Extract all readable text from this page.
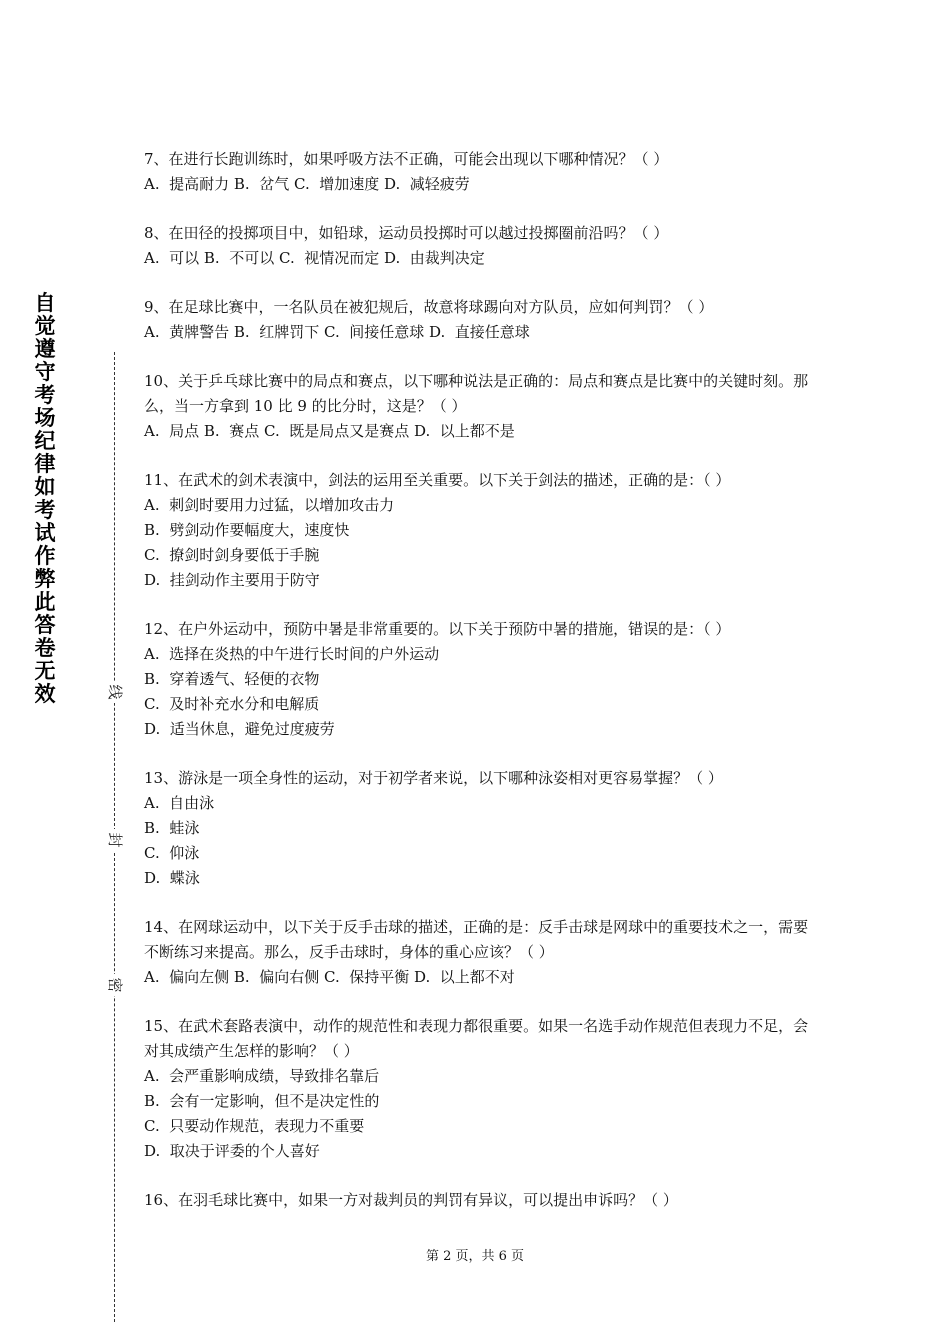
自觉遵守考场纪律如考试作弊此答卷无效	线
封
密
7、在进行长跑训练时，如果呼吸方法不正确，可能会出现以下哪种情况？（ ）
A.  提高耐力 B.  岔气 C.  增加速度 D.  减轻疲劳
8、在田径的投掷项目中，如铅球，运动员投掷时可以越过投掷圈前沿吗？（ ）
A.  可以 B.  不可以 C.  视情况而定 D.  由裁判决定
9、在足球比赛中，一名队员在被犯规后，故意将球踢向对方队员，应如何判罚？（ ）
A.  黄牌警告 B.  红牌罚下 C.  间接任意球 D.  直接任意球
10、关于乒乓球比赛中的局点和赛点，以下哪种说法是正确的：局点和赛点是比赛中的关键时刻。那么，当一方拿到 10 比 9 的比分时，这是？（ ）
A.  局点 B.  赛点 C.  既是局点又是赛点 D.  以上都不是
11、在武术的剑术表演中，剑法的运用至关重要。以下关于剑法的描述，正确的是：（ ）
A.  刺剑时要用力过猛，以增加攻击力
B.  劈剑动作要幅度大，速度快
C.  撩剑时剑身要低于手腕
D.  挂剑动作主要用于防守
12、在户外运动中，预防中暑是非常重要的。以下关于预防中暑的措施，错误的是：（ ）
A.  选择在炎热的中午进行长时间的户外运动
B.  穿着透气、轻便的衣物
C.  及时补充水分和电解质
D.  适当休息，避免过度疲劳
13、游泳是一项全身性的运动，对于初学者来说，以下哪种泳姿相对更容易掌握？（ ）
A.  自由泳
B.  蛙泳
C.  仰泳
D.  蝶泳
14、在网球运动中，以下关于反手击球的描述，正确的是：反手击球是网球中的重要技术之一，需要不断练习来提高。那么，反手击球时，身体的重心应该？（ ）
A.  偏向左侧 B.  偏向右侧 C.  保持平衡 D.  以上都不对
15、在武术套路表演中，动作的规范性和表现力都很重要。如果一名选手动作规范但表现力不足，会对其成绩产生怎样的影响？（ ）
A.  会严重影响成绩，导致排名靠后
B.  会有一定影响，但不是决定性的
C.  只要动作规范，表现力不重要
D.  取决于评委的个人喜好
16、在羽毛球比赛中，如果一方对裁判员的判罚有异议，可以提出申诉吗？（ ）
第 2 页，共 6 页
